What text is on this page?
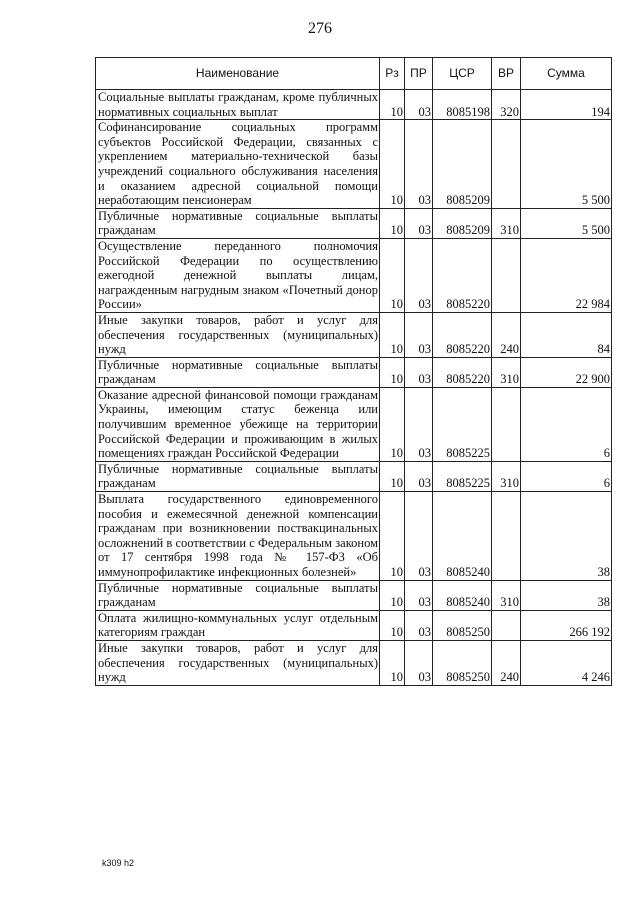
276
Наименование	Рз	ПР	ЦСР	ВР	Сумма
Социальные выплаты гражданам, кроме публичных нормативных социальных выплат	10	03	8085198	320	194
Софинансирование социальных программ субъектов Российской Федерации, связанных с укреплением материально-технической базы учреждений социального обслуживания населения и оказанием адресной социальной помощи неработающим пенсионерам	10	03	8085209		5 500
Публичные нормативные социальные выплаты гражданам	10	03	8085209	310	5 500
Осуществление переданного полномочия Российской Федерации по осуществлению ежегодной денежной выплаты лицам, награжденным нагрудным знаком «Почетный донор России»	10	03	8085220		22 984
Иные закупки товаров, работ и услуг для обеспечения государственных (муниципальных) нужд	10	03	8085220	240	84
Публичные нормативные социальные выплаты гражданам	10	03	8085220	310	22 900
Оказание адресной финансовой помощи гражданам Украины, имеющим статус беженца или получившим временное убежище на территории Российской Федерации и проживающим в жилых помещениях граждан Российской Федерации	10	03	8085225		6
Публичные нормативные социальные выплаты гражданам	10	03	8085225	310	6
Выплата государственного единовременного пособия и ежемесячной денежной компенсации гражданам при возникновении поствакцинальных осложнений в соответствии с Федеральным законом от 17 сентября 1998 года № 157-ФЗ «Об иммунопрофилактике инфекционных болезней»	10	03	8085240		38
Публичные нормативные социальные выплаты гражданам	10	03	8085240	310	38
Оплата жилищно-коммунальных услуг отдельным категориям граждан	10	03	8085250		266 192
Иные закупки товаров, работ и услуг для обеспечения государственных (муниципальных) нужд	10	03	8085250	240	4 246
k309 h2
